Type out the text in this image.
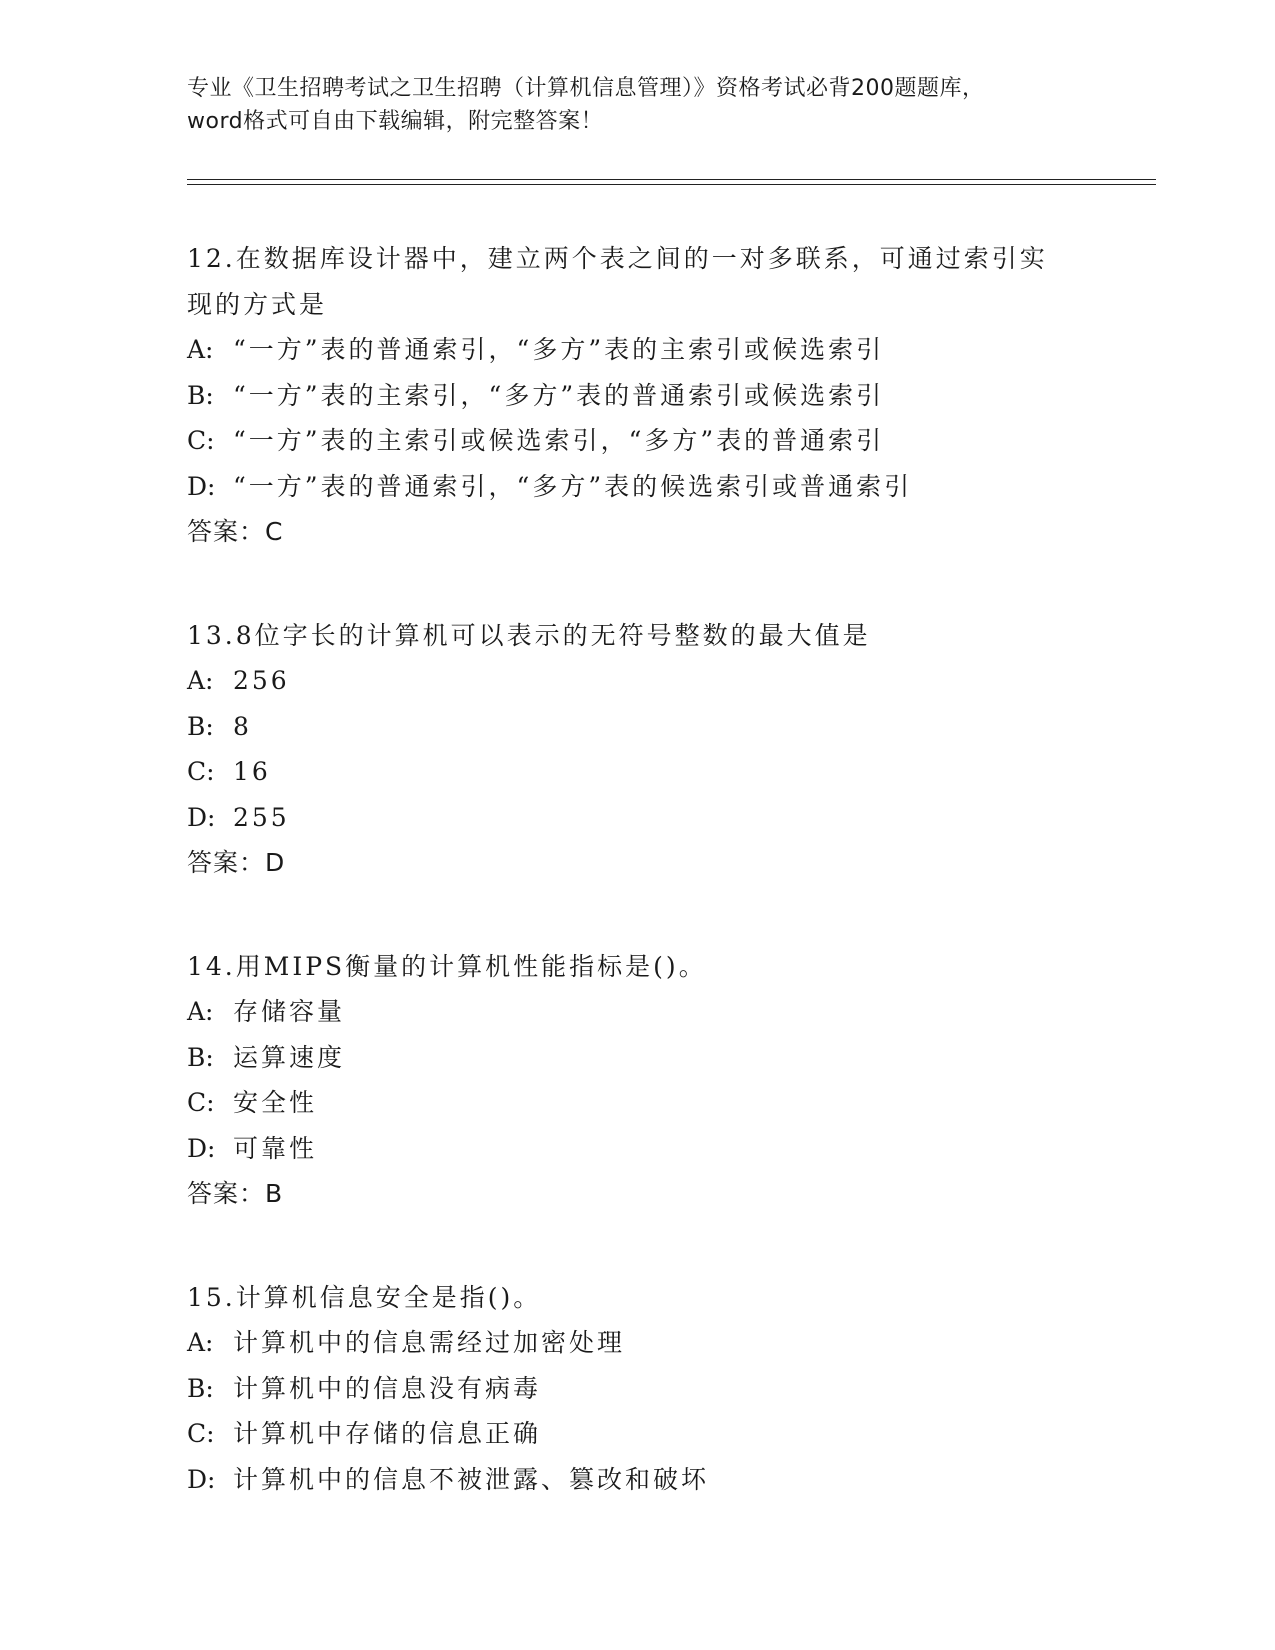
专业《卫生招聘考试之卫生招聘（计算机信息管理）》资格考试必背200题题库，
word格式可自由下载编辑，附完整答案！
12.在数据库设计器中，建立两个表之间的一对多联系，可通过索引实
现的方式是
A: “一方”表的普通索引，“多方”表的主索引或候选索引
B: “一方”表的主索引，“多方”表的普通索引或候选索引
C: “一方”表的主索引或候选索引，“多方”表的普通索引
D: “一方”表的普通索引，“多方”表的候选索引或普通索引
答案：C
13.8位字长的计算机可以表示的无符号整数的最大值是
A: 256
B: 8
C: 16
D: 255
答案：D
14.用MIPS衡量的计算机性能指标是()。
A: 存储容量
B: 运算速度
C: 安全性
D: 可靠性
答案：B
15.计算机信息安全是指()。
A: 计算机中的信息需经过加密处理
B: 计算机中的信息没有病毒
C: 计算机中存储的信息正确
D: 计算机中的信息不被泄露、篡改和破坏
